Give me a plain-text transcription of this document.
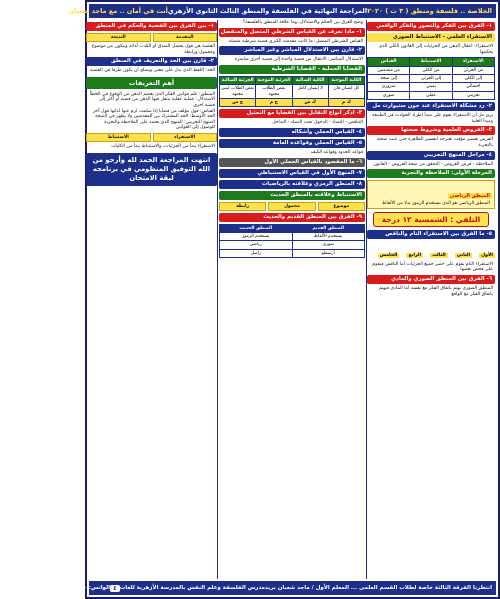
الخلاصة .. فلسفة ومنطق ( ٣ ث ) ٢٠٢٠
المراجعة النهائية في الفلسفة والمنطق الثالث الثانوي الأزهري
أنت في أمان .. مع ماجد شعبان
١- الفرق بين الفكر والتصور والفكر الواقعي
الاستقراء العلمي - الاستنباط الصوري
الاستقراء: انتقال الذهن من الجزئيات إلى القانون الكلي الذي يحكمها
الاستقراء	الاستنباط	القياس
من الجزئي	من الكلي	من مقدمتين
إلى الكلي	إلى الجزئي	إلى نتيجة
احتمالي	يقيني	ضروري
تجريبي	عقلي	صوري
٢- رد مشكلة الاستقراء عند جون ستيوارت مل
يرى مل أن الاستقراء يقوم على مبدأ اطراد الحوادث في الطبيعة ومبدأ العلية
٣- الفروض العلمية وشروط صحتها
الفرض تفسير مؤقت تقترحه لتفسير الظاهرة حتى تثبت صحته بالتجربة
٤- مراحل المنهج التجريبي
الملاحظة - فرض الفروض - التحقق من صحة الفروض - القانون
المرحلة الأولى: الملاحظة والتجربة
المنطق الرياضي
المنطق الرياضي هو الذي يستخدم الرموز بدلا من الألفاظ
التلفي : الشمسية ١٢ درجة
٥- ما الفرق بين الاستقراء التام والناقص
الأول الثاني الثالث الرابع الخامس
الاستقراء التام يقوم على حصر جميع الجزئيات أما الناقص فيقوم على فحص بعضها
٦- الفرق بين المنطق الصوري والمادي
المنطق الصوري يهتم باتفاق الفكر مع نفسه أما المادي فيهتم باتفاق الفكر مع الواقع
وضح الفرق بين الحكم والاستدلال، وما علاقة المنطق بالفلسفة؟
١- ماذا تعرف عن القياس الشرطي المتصل والمنفصل
القياس الشرطي المتصل: ما كانت مقدمته الكبرى قضية شرطية متصلة
٢- قارن بين الاستدلال المباشر وغير المباشر
الاستدلال المباشر: الانتقال من قضية واحدة إلى قضية أخرى مباشرة
القضايا الحملية - القضايا الشرطية
الكلية الموجبة	الكلية السالبة	الجزئية الموجبة	الجزئية السالبة
كل إنسان فان	لا إنسان كامل	بعض الطلاب مجتهد	بعض الطلاب ليس مجتهد
ك م	ك س	ج م	ج س
٣- اذكر أنواع التقابل بين القضايا مع التمثيل
التناقض - التضاد - الدخول تحت التضاد - التداخل
٤- القياس الحملي وأشكاله
٥- القياس الحملي وقواعده العامة
قواعد الحدود وقواعد الكيف
٦- ما المقصود بالقياس الحملي الأول
٧- المنهج الأول في القياس الاستنباطي
٨- المنطق الرمزي وعلاقته بالرياضيات
الاستنباط وعلاقته بالمنطق الحديث
موضوع
محمول
رابطة
٩- الفرق بين المنطق القديم والحديث
المنطق القديم	المنطق الحديث
يستخدم الألفاظ	يستخدم الرموز
صوري	رياضي
أرسطو	راسل
١- بين الفرق بين القضية والحكم في المنطق
المقدمة
النتيجة
القضية هي قول يحتمل الصدق أو الكذب لذاته ويتكون من موضوع ومحمول ورابطة
٢- قارن بين الحد والتعريف في المنطق
الحد: اللفظ الذي يدل على معنى ويصلح أن يكون طرفا في القضية
أهم التعريفات
المنطق: علم قوانين الفكر الذي يعصم الذهن من الوقوع في الخطأ
الاستدلال: عملية عقلية ينتقل فيها الذهن من قضية أو أكثر إلى قضية أخرى
القياس: قول مؤلف من قضايا إذا سلمت لزم عنها لذاتها قول آخر
الحد الأوسط: الحد المشترك بين المقدمتين ولا يظهر في النتيجة
المنهج التجريبي: المنهج الذي يعتمد على الملاحظة والتجربة للوصول إلى القوانين
الاستقراء
الاستنباط
الاستقراء يبدأ من الجزئيات، والاستنباط يبدأ من الكليات
انتهت المراجعة الحمد لله وأرجو من الله التوفيق المنظومي في برنامجه لبقة الامتحان
انتظرنا الفرقة الثالثة خاصة لطلاب القسم العلمى ... المعلم الأول / ماجد شعبان بريد
مدرس الفلسفة وعلم النفس بالمدرسة الأزهرية للغات
٤
الواتس: ٠١٠١٧٨٤٦٠٠٠٠ - ٠١٠٠٠٢٢٣٥٨٩٢
